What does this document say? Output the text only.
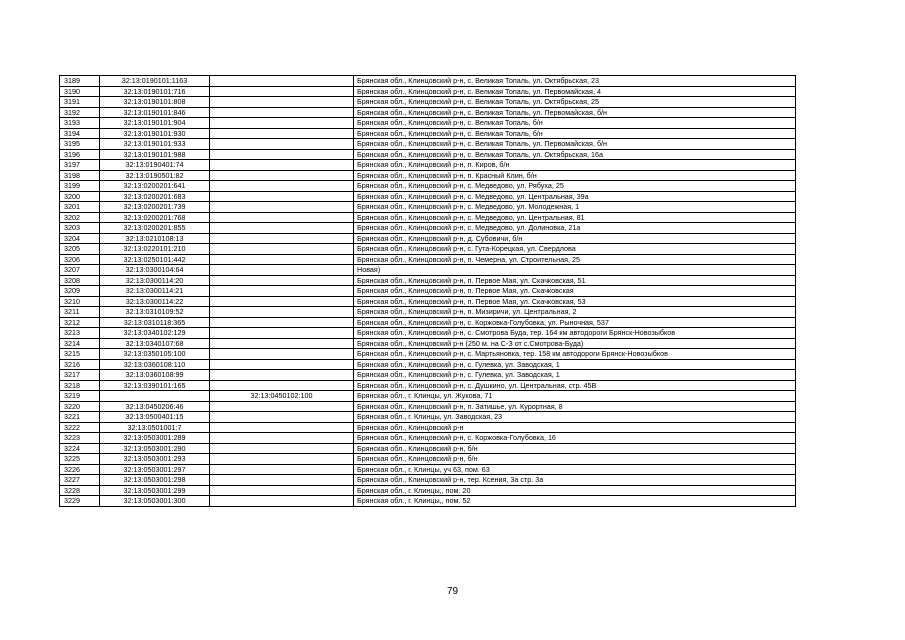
3189	32:13:0190101:1163		Брянская обл., Клинцовский р-н, с. Великая Топаль, ул. Октябрьская, 23
3190	32:13:0190101:716		Брянская обл., Клинцовский р-н, с. Великая Топаль, ул. Первомайская, 4
3191	32:13:0190101:808		Брянская обл., Клинцовский р-н, с. Великая Топаль, ул. Октябрьская, 25
3192	32:13:0190101:846		Брянская обл., Клинцовский р-н, с. Великая Топаль, ул. Первомайская, б/н
3193	32:13:0190101:904		Брянская обл., Клинцовский р-н, с. Великая Топаль, б/н
3194	32:13:0190101:930		Брянская обл., Клинцовский р-н, с. Великая Топаль, б/н
3195	32:13:0190101:933		Брянская обл., Клинцовский р-н, с. Великая Топаль, ул. Первомайская, б/н
3196	32:13:0190101:988		Брянская обл., Клинцовский р-н, с. Великая Топаль, ул. Октябрьская, 16а
3197	32:13:0190401:74		Брянская обл., Клинцовский р-н, п. Киров, б/н
3198	32:13:0190501:82		Брянская обл., Клинцовский р-н, п. Красный Клин, б/н
3199	32:13:0200201:641		Брянская обл., Клинцовский р-н, с. Медведово, ул. Рябуха, 25
3200	32:13:0200201:683		Брянская обл., Клинцовский р-н, с. Медведово, ул. Центральная, 39а
3201	32:13:0200201:739		Брянская обл., Клинцовский р-н, с. Медведово, ул. Молодежная, 1
3202	32:13:0200201:768		Брянская обл., Клинцовский р-н, с. Медведово, ул. Центральная, 81
3203	32:13:0200201:855		Брянская обл., Клинцовский р-н, с. Медведово, ул. Долиновка, 21а
3204	32:13:0210108:13		Брянская обл., Клинцовский р-н, д. Субовичи, б/н
3205	32:13:0220101:210		Брянская обл., Клинцовский р-н, с. Гута-Корецкая, ул. Свердлова
3206	32:13:0250101:442		Брянская обл., Клинцовский р-н, п. Чемерна, ул. Строительная, 25
3207	32:13:0300104:64		Новая)
3208	32:13:0300114:20		Брянская обл., Клинцовский р-н, п. Первое Мая, ул. Скачковская, 51
3209	32:13:0300114:21		Брянская обл., Клинцовский р-н, п. Первое Мая, ул. Скачковская
3210	32:13:0300114:22		Брянская обл., Клинцовский р-н, п. Первое Мая, ул. Скачковская, 53
3211	32:13:0310109:52		Брянская обл., Клинцовский р-н, п. Мизиричи, ул. Центральная, 2
3212	32:13:0310118:365		Брянская обл., Клинцовский р-н, с. Коржовка-Голубовка, ул. Рыночная, 537
3213	32:13:0340102:129		Брянская обл., Клинцовский р-н, с. Смотрова Буда, тер. 164 км автодороги Брянск-Новозыбков
3214	32:13:0340107:68		Брянская обл., Клинцовский р-н (250 м. на С-З от с.Смотрова-Буда)
3215	32:13:0350105:100		Брянская обл., Клинцовский р-н, с. Мартьяновка, тер. 158 км автодороги Брянск-Новозыбков
3216	32:13:0360108:110		Брянская обл., Клинцовский р-н, с. Гулевка, ул. Заводская, 1
3217	32:13:0360108:99		Брянская обл., Клинцовский р-н, с. Гулевка, ул. Заводская, 1
3218	32:13:0390101:165		Брянская обл., Клинцовский р-н, с. Душкино, ул. Центральная, стр. 45В
3219		32:13:0450102:100	Брянская обл., г. Клинцы, ул. Жукова, 71
3220	32:13:0450206:46		Брянская обл., Клинцовский р-н, п. Затишье, ул. Курортная, 8
3221	32:13:0500401:15		Брянская обл., г. Клинцы, ул. Заводская, 23
3222	32:13:0501001:7		Брянская обл., Клинцовский р-н
3223	32:13:0503001:289		Брянская обл., Клинцовский р-н, с. Коржовка-Голубовка, 16
3224	32:13:0503001:290		Брянская обл., Клинцовский р-н, б/н
3225	32:13:0503001:293		Брянская обл., Клинцовский р-н, б/н
3226	32:13:0503001:297		Брянская обл., г. Клинцы, уч 63, пом. 63
3227	32:13:0503001:298		Брянская обл., Клинцовский р-н, тер. Ксения, 3а стр. 3а
3228	32:13:0503001:299		Брянская обл., г. Клинцы,, пом. 20
3229	32:13:0503001:300		Брянская обл., г. Клинцы,, пом. 52
79
